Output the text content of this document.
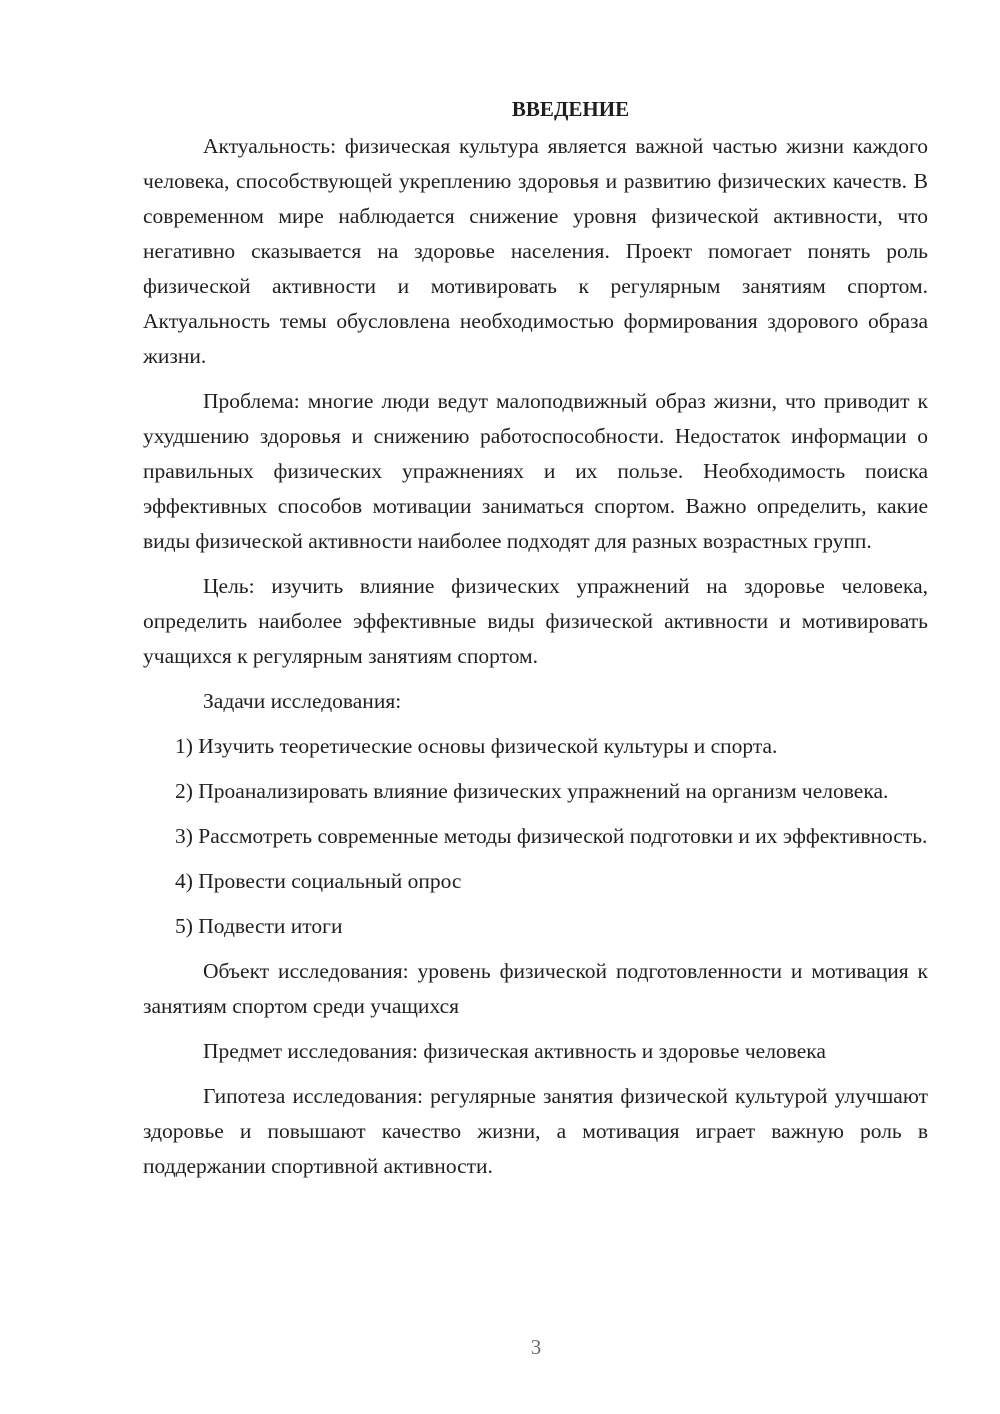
ВВЕДЕНИЕ

Актуальность: физическая культура является важной частью жизни каждого человека, способствующей укреплению здоровья и развитию физических качеств. В современном мире наблюдается снижение уровня физической активности, что негативно сказывается на здоровье населения. Проект помогает понять роль физической активности и мотивировать к регулярным занятиям спортом. Актуальность темы обусловлена необходимостью формирования здорового образа жизни.

Проблема: многие люди ведут малоподвижный образ жизни, что приводит к ухудшению здоровья и снижению работоспособности. Недостаток информации о правильных физических упражнениях и их пользе. Необходимость поиска эффективных способов мотивации заниматься спортом. Важно определить, какие виды физической активности наиболее подходят для разных возрастных групп.

Цель: изучить влияние физических упражнений на здоровье человека, определить наиболее эффективные виды физической активности и мотивировать учащихся к регулярным занятиям спортом.

Задачи исследования:

1) Изучить теоретические основы физической культуры и спорта.

2) Проанализировать влияние физических упражнений на организм человека.

3) Рассмотреть современные методы физической подготовки и их эффективность.

4) Провести социальный опрос

5) Подвести итоги

Объект исследования: уровень физической подготовленности и мотивация к занятиям спортом среди учащихся

Предмет исследования: физическая активность и здоровье человека

Гипотеза исследования: регулярные занятия физической культурой улучшают здоровье и повышают качество жизни, а мотивация играет важную роль в поддержании спортивной активности.

3
